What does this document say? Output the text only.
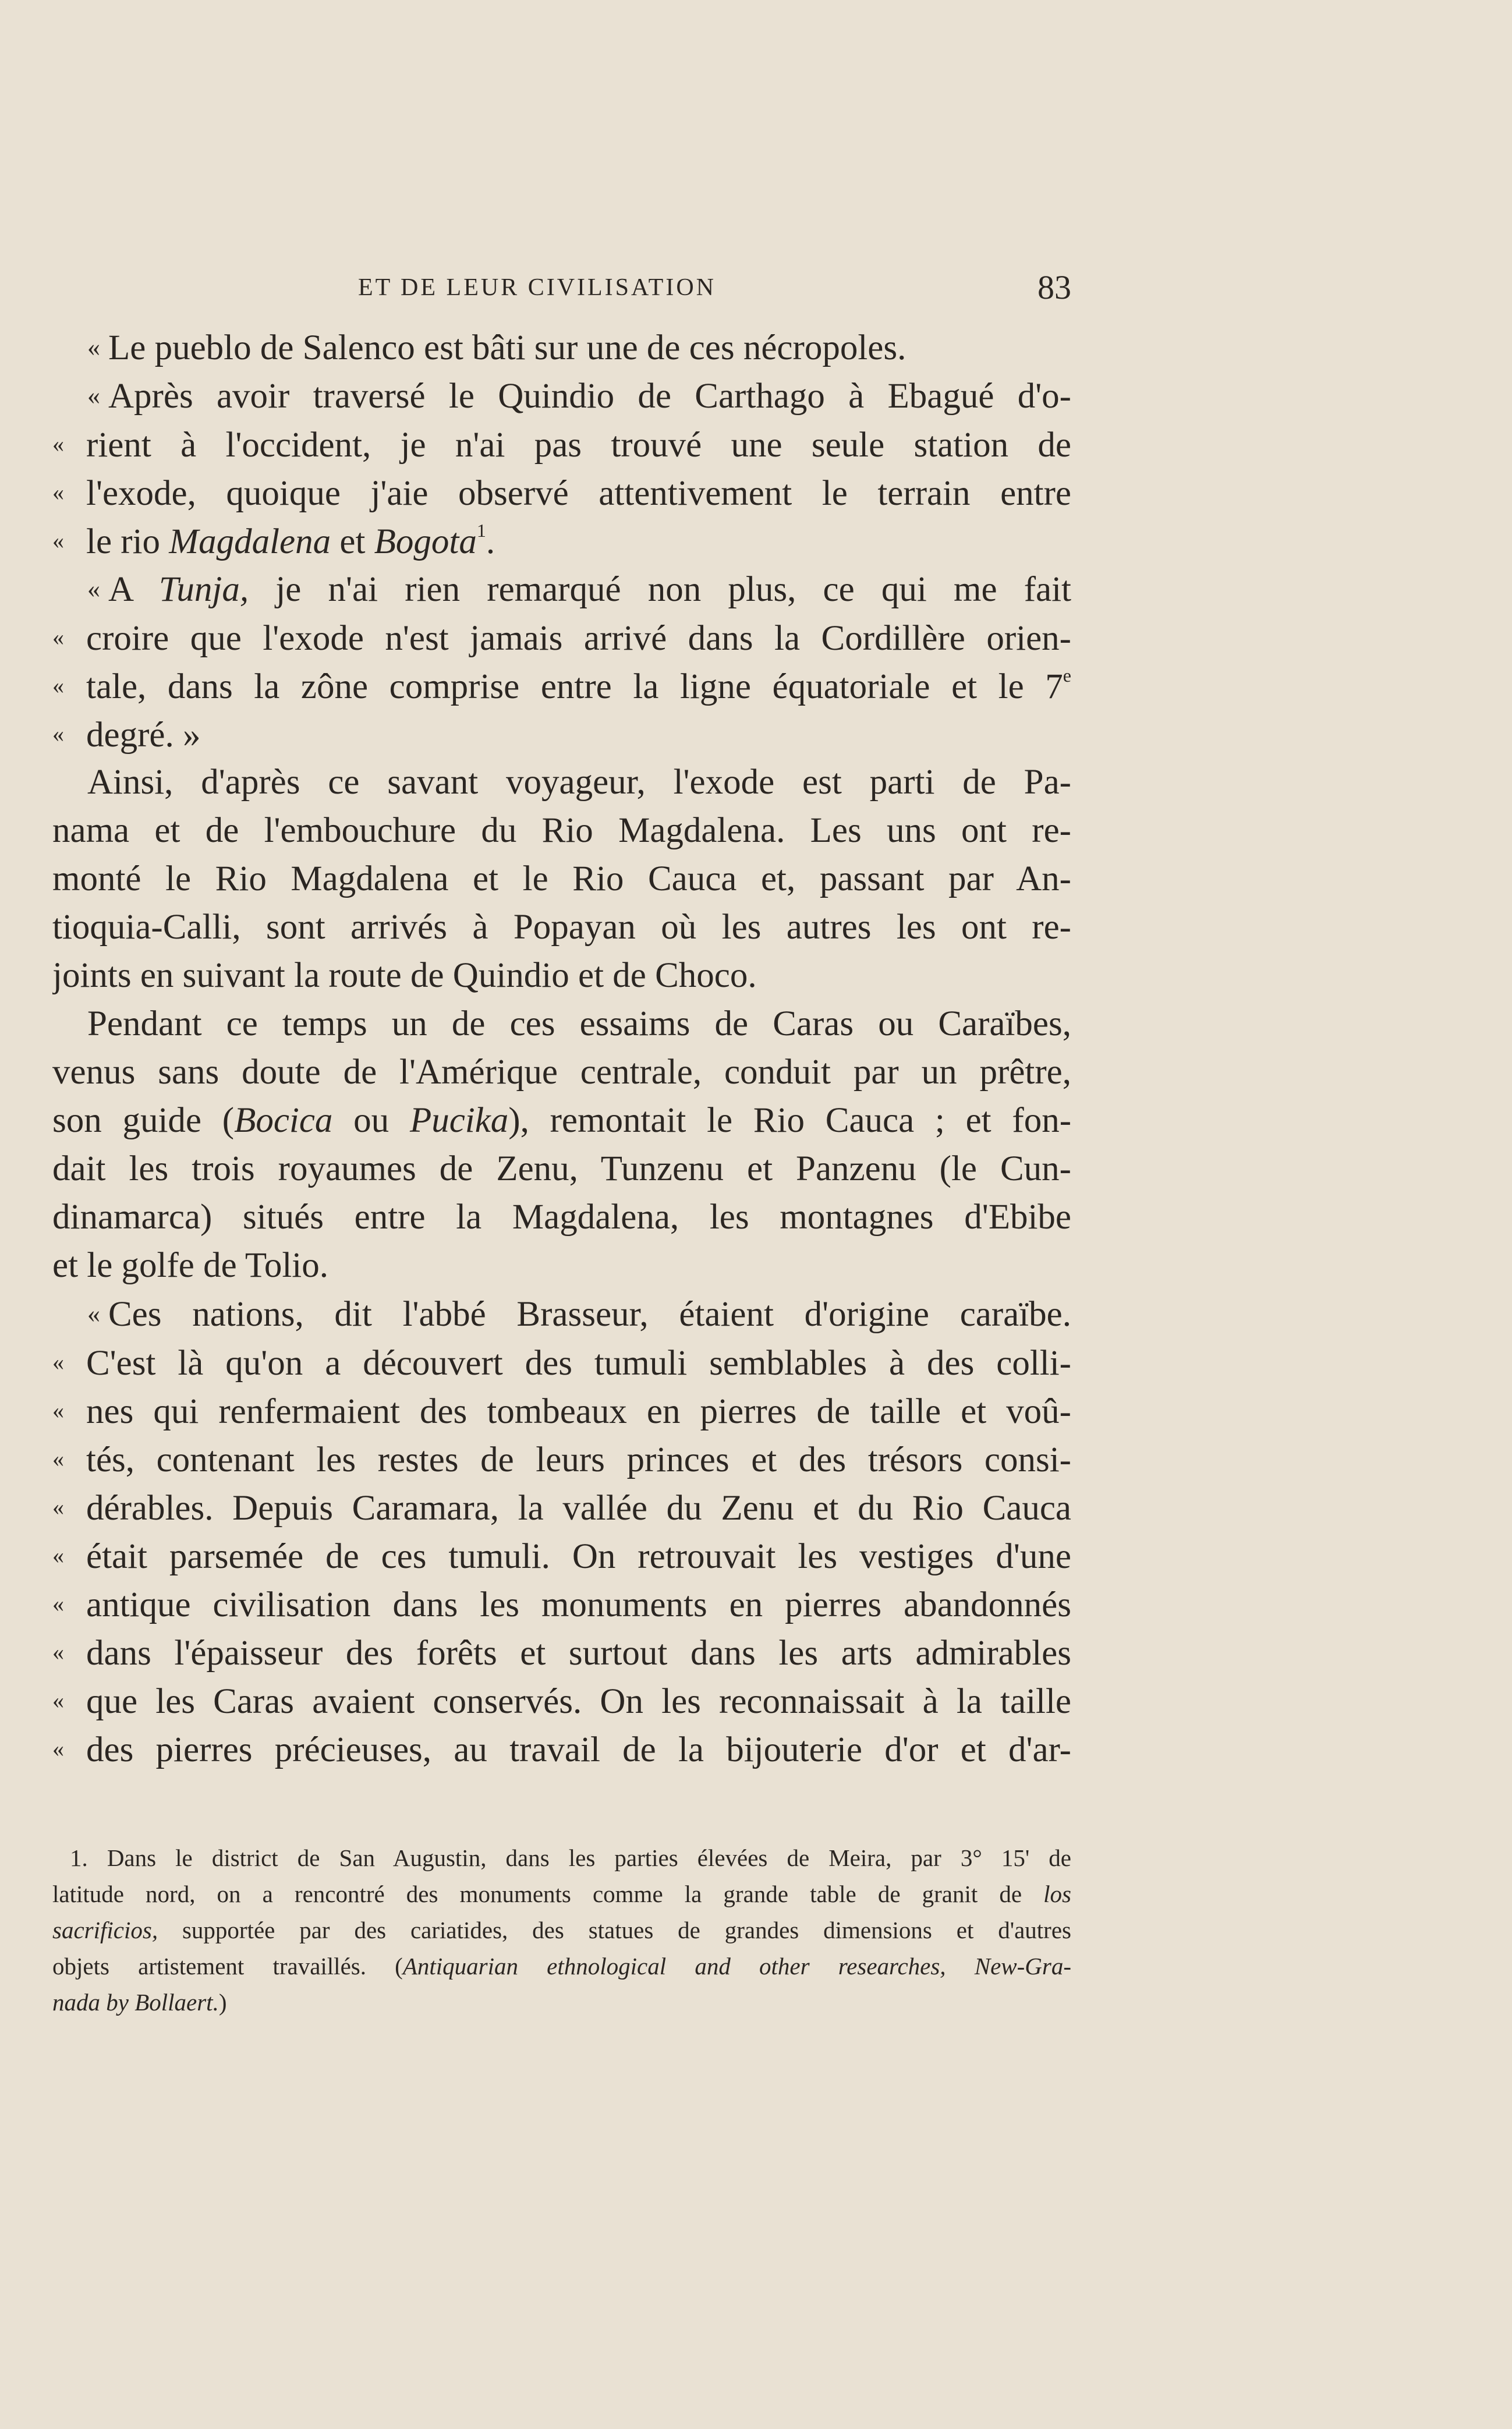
ET DE LEUR CIVILISATION	83
« Le pueblo de Salenco est bâti sur une de ces nécropoles.
« Après avoir traversé le Quindio de Carthago à Ebagué d'o-
« rient à l'occident, je n'ai pas trouvé une seule station de
« l'exode, quoique j'aie observé attentivement le terrain entre
« le rio Magdalena et Bogota$^1$.
« A Tunja, je n'ai rien remarqué non plus, ce qui me fait
« croire que l'exode n'est jamais arrivé dans la Cordillère orien-
« tale, dans la zône comprise entre la ligne équatoriale et le 7e
« degré. »
Ainsi, d'après ce savant voyageur, l'exode est parti de Pa-
nama et de l'embouchure du Rio Magdalena. Les uns ont re-
monté le Rio Magdalena et le Rio Cauca et, passant par An-
tioquia-Calli, sont arrivés à Popayan où les autres les ont re-
joints en suivant la route de Quindio et de Choco.
Pendant ce temps un de ces essaims de Caras ou Caraïbes,
venus sans doute de l'Amérique centrale, conduit par un prêtre,
son guide (Bocica ou Pucika), remontait le Rio Cauca ; et fon-
dait les trois royaumes de Zenu, Tunzenu et Panzenu (le Cun-
dinamarca) situés entre la Magdalena, les montagnes d'Ebibe
et le golfe de Tolio.
« Ces nations, dit l'abbé Brasseur, étaient d'origine caraïbe.
« C'est là qu'on a découvert des tumuli semblables à des colli-
« nes qui renfermaient des tombeaux en pierres de taille et voû-
« tés, contenant les restes de leurs princes et des trésors consi-
« dérables. Depuis Caramara, la vallée du Zenu et du Rio Cauca
« était parsemée de ces tumuli. On retrouvait les vestiges d'une
« antique civilisation dans les monuments en pierres abandonnés
« dans l'épaisseur des forêts et surtout dans les arts admirables
« que les Caras avaient conservés. On les reconnaissait à la taille
« des pierres précieuses, au travail de la bijouterie d'or et d'ar-
1. Dans le district de San Augustin, dans les parties élevées de Meira, par 3° 15' de
latitude nord, on a rencontré des monuments comme la grande table de granit de los
sacrificios, supportée par des cariatides, des statues de grandes dimensions et d'autres
objets artistement travaillés. (Antiquarian ethnological and other researches, New-Gra-
nada by Bollaert.)
